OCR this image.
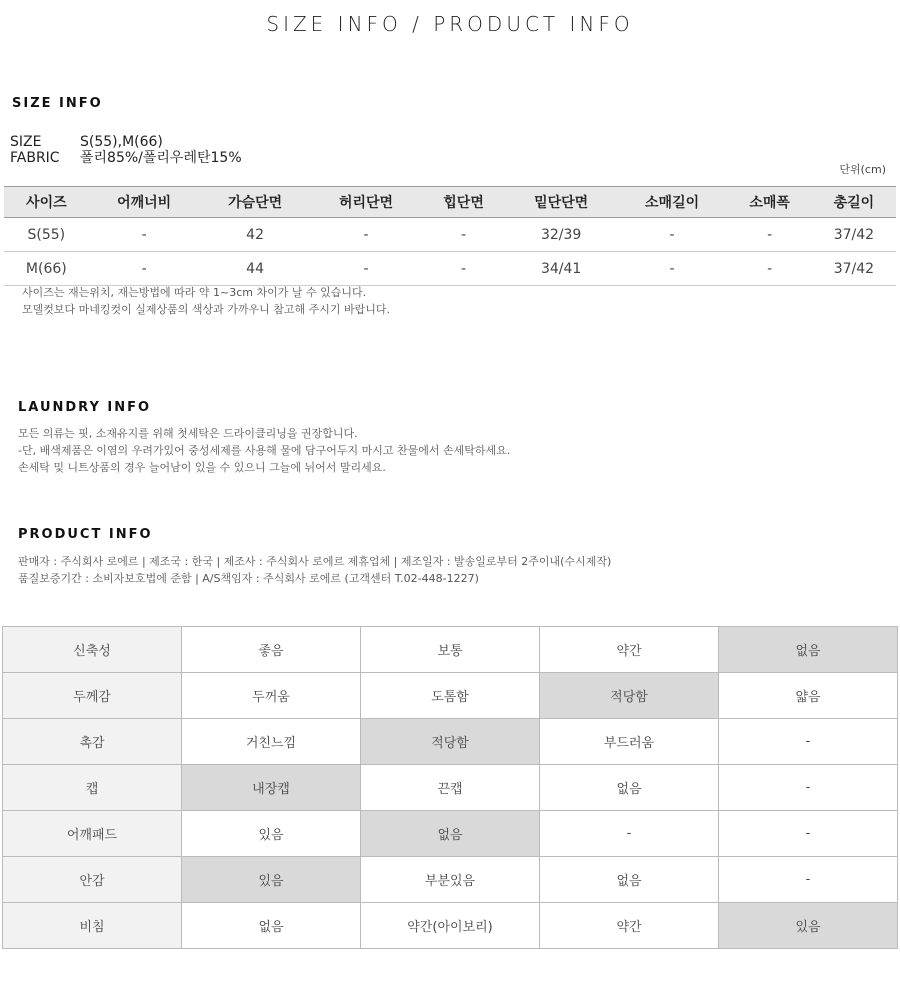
SIZE INFO / PRODUCT INFO
SIZE INFO
SIZE	S(55),M(66)
FABRIC 폴리85%/폴리우레탄15%
단위(cm)
사이즈	어깨너비	가슴단면	허리단면	힙단면	밑단단면	소매길이	소매폭	총길이
S(55)	-	42	-	-	32/39	-	-	37/42
M(66)	-	44	-	-	34/41	-	-	37/42
사이즈는 재는위치, 재는방법에 따라 약 1~3cm 차이가 날 수 있습니다.
모델컷보다 마네킹컷이 실제상품의 색상과 가까우니 참고해 주시기 바랍니다.
LAUNDRY INFO
모든 의류는 핏, 소재유지를 위해 첫세탁은 드라이클리닝을 권장합니다.
-단, 배색제품은 이염의 우려가있어 중성세제를 사용해 물에 담구어두지 마시고 찬물에서 손세탁하세요.
손세탁 및 니트상품의 경우 늘어남이 있을 수 있으니 그늘에 뉘어서 말리세요.
PRODUCT INFO
판매자 : 주식회사 로에르 | 제조국 : 한국 | 제조사 : 주식회사 로에르 제휴업체 | 제조일자 : 발송일로부터 2주이내(수시제작)
품질보증기간 : 소비자보호법에 준함 | A/S책임자 : 주식회사 로에르 (고객센터 T.02-448-1227)
신축성	좋음	보통	약간	없음
두께감	두꺼움	도톰함	적당함	얇음
촉감	거친느낌	적당함	부드러움	-
캡	내장캡	끈캡	없음	-
어깨패드	있음	없음	-	-
안감	있음	부분있음	없음	-
비침	없음	약간(아이보리)	약간	있음
